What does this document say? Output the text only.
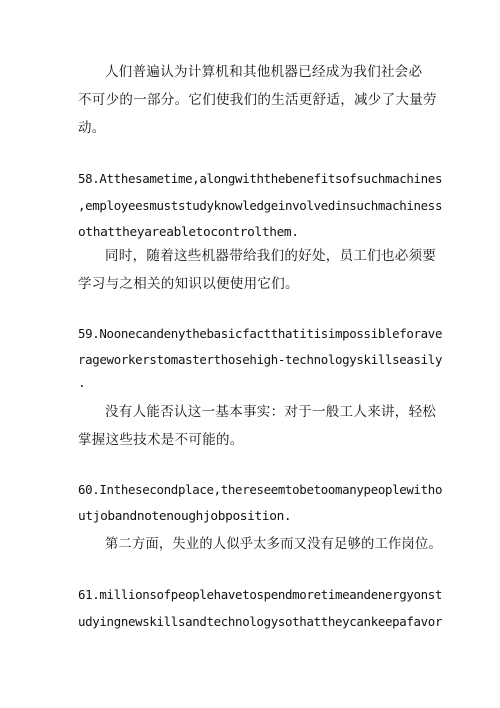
人们普遍认为计算机和其他机器已经成为我们社会必
不可少的一部分。它们使我们的生活更舒适，减少了大量劳
动。
58.Atthesametime,alongwiththebenefitsofsuchmachines
,employeesmuststudyknowledgeinvolvedinsuchmachiness
othattheyareabletocontrolthem.
同时，随着这些机器带给我们的好处，员工们也必须要
学习与之相关的知识以便使用它们。
59.Noonecandenythebasicfactthatitisimpossibleforave
rageworkerstomasterthosehigh-technologyskillseasily
.
没有人能否认这一基本事实：对于一般工人来讲，轻松
掌握这些技术是不可能的。
60.Inthesecondplace,thereseemtobetoomanypeoplewitho
utjobandnotenoughjobposition.
第二方面，失业的人似乎太多而又没有足够的工作岗位。
61.millionsofpeoplehavetospendmoretimeandenergyonst
udyingnewskillsandtechnologysothattheycankeepafavor
